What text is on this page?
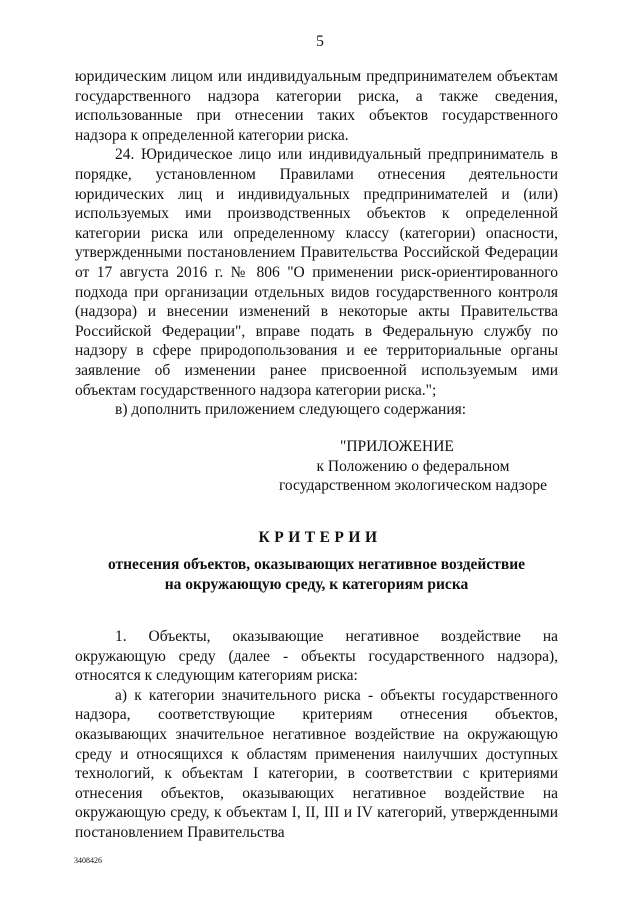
5

юридическим лицом или индивидуальным предпринимателем объектам государственного надзора категории риска, а также сведения, использованные при отнесении таких объектов государственного надзора к определенной категории риска.

24. Юридическое лицо или индивидуальный предприниматель в порядке, установленном Правилами отнесения деятельности юридических лиц и индивидуальных предпринимателей и (или) используемых ими производственных объектов к определенной категории риска или определенному классу (категории) опасности, утвержденными постановлением Правительства Российской Федерации от 17 августа 2016 г. № 806 "О применении риск-ориентированного подхода при организации отдельных видов государственного контроля (надзора) и внесении изменений в некоторые акты Правительства Российской Федерации", вправе подать в Федеральную службу по надзору в сфере природопользования и ее территориальные органы заявление об изменении ранее присвоенной используемым ими объектам государственного надзора категории риска.";

в) дополнить приложением следующего содержания:

"ПРИЛОЖЕНИЕ
к Положению о федеральном
государственном экологическом надзоре
КРИТЕРИИ
отнесения объектов, оказывающих негативное воздействие
на окружающую среду, к категориям риска

1. Объекты, оказывающие негативное воздействие на окружающую среду (далее - объекты государственного надзора), относятся к следующим категориям риска:

а) к категории значительного риска - объекты государственного надзора, соответствующие критериям отнесения объектов, оказывающих значительное негативное воздействие на окружающую среду и относящихся к областям применения наилучших доступных технологий, к объектам I категории, в соответствии с критериями отнесения объектов, оказывающих негативное воздействие на окружающую среду, к объектам I, II, III и IV категорий, утвержденными постановлением Правительства

3408426
